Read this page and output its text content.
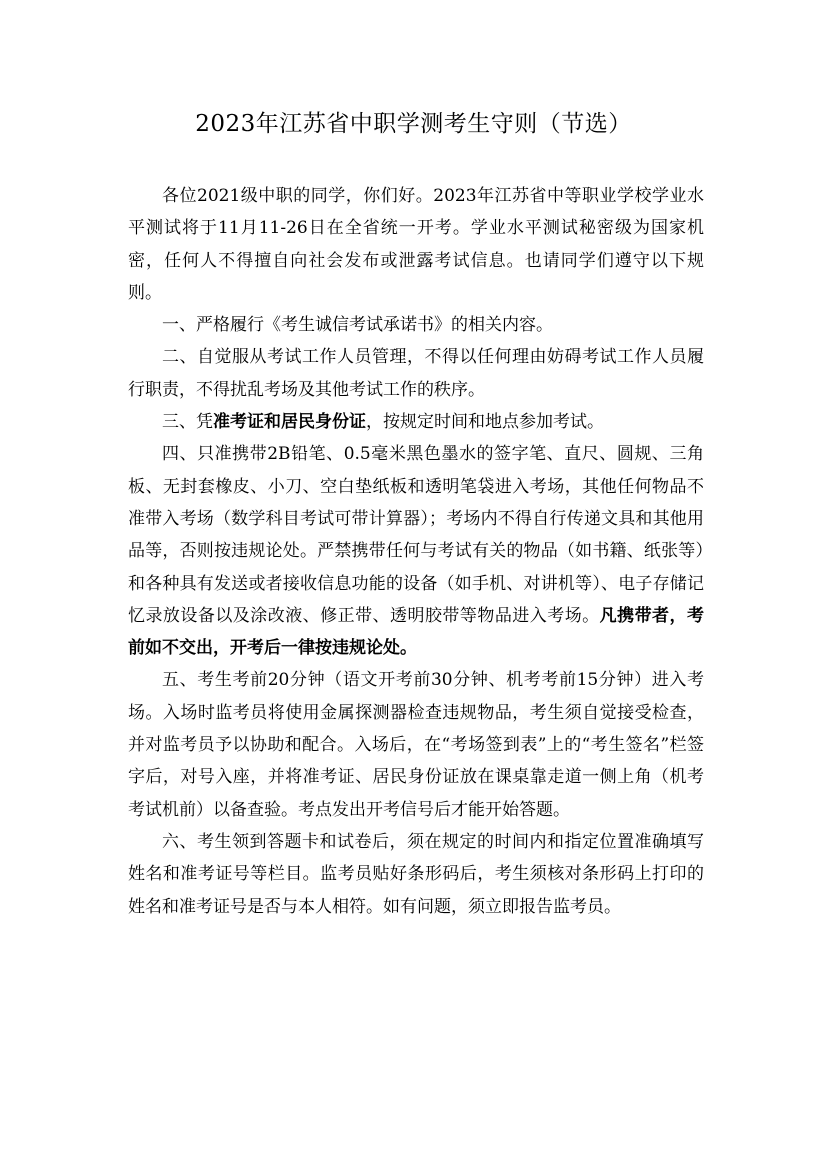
2023年江苏省中职学测考生守则（节选）

各位2021级中职的同学，你们好。2023年江苏省中等职业学校学业水平测试将于11月11-26日在全省统一开考。学业水平测试秘密级为国家机密，任何人不得擅自向社会发布或泄露考试信息。也请同学们遵守以下规则。

一、严格履行《考生诚信考试承诺书》的相关内容。

二、自觉服从考试工作人员管理，不得以任何理由妨碍考试工作人员履行职责，不得扰乱考场及其他考试工作的秩序。

三、凭准考证和居民身份证，按规定时间和地点参加考试。

四、只准携带2B铅笔、0.5毫米黑色墨水的签字笔、直尺、圆规、三角板、无封套橡皮、小刀、空白垫纸板和透明笔袋进入考场，其他任何物品不准带入考场（数学科目考试可带计算器）；考场内不得自行传递文具和其他用品等，否则按违规论处。严禁携带任何与考试有关的物品（如书籍、纸张等）和各种具有发送或者接收信息功能的设备（如手机、对讲机等）、电子存储记忆录放设备以及涂改液、修正带、透明胶带等物品进入考场。凡携带者，考前如不交出，开考后一律按违规论处。

五、考生考前20分钟（语文开考前30分钟、机考考前15分钟）进入考场。入场时监考员将使用金属探测器检查违规物品，考生须自觉接受检查，并对监考员予以协助和配合。入场后，在“考场签到表”上的“考生签名”栏签字后，对号入座，并将准考证、居民身份证放在课桌靠走道一侧上角（机考考试机前）以备查验。考点发出开考信号后才能开始答题。

六、考生领到答题卡和试卷后，须在规定的时间内和指定位置准确填写姓名和准考证号等栏目。监考员贴好条形码后，考生须核对条形码上打印的姓名和准考证号是否与本人相符。如有问题，须立即报告监考员。
